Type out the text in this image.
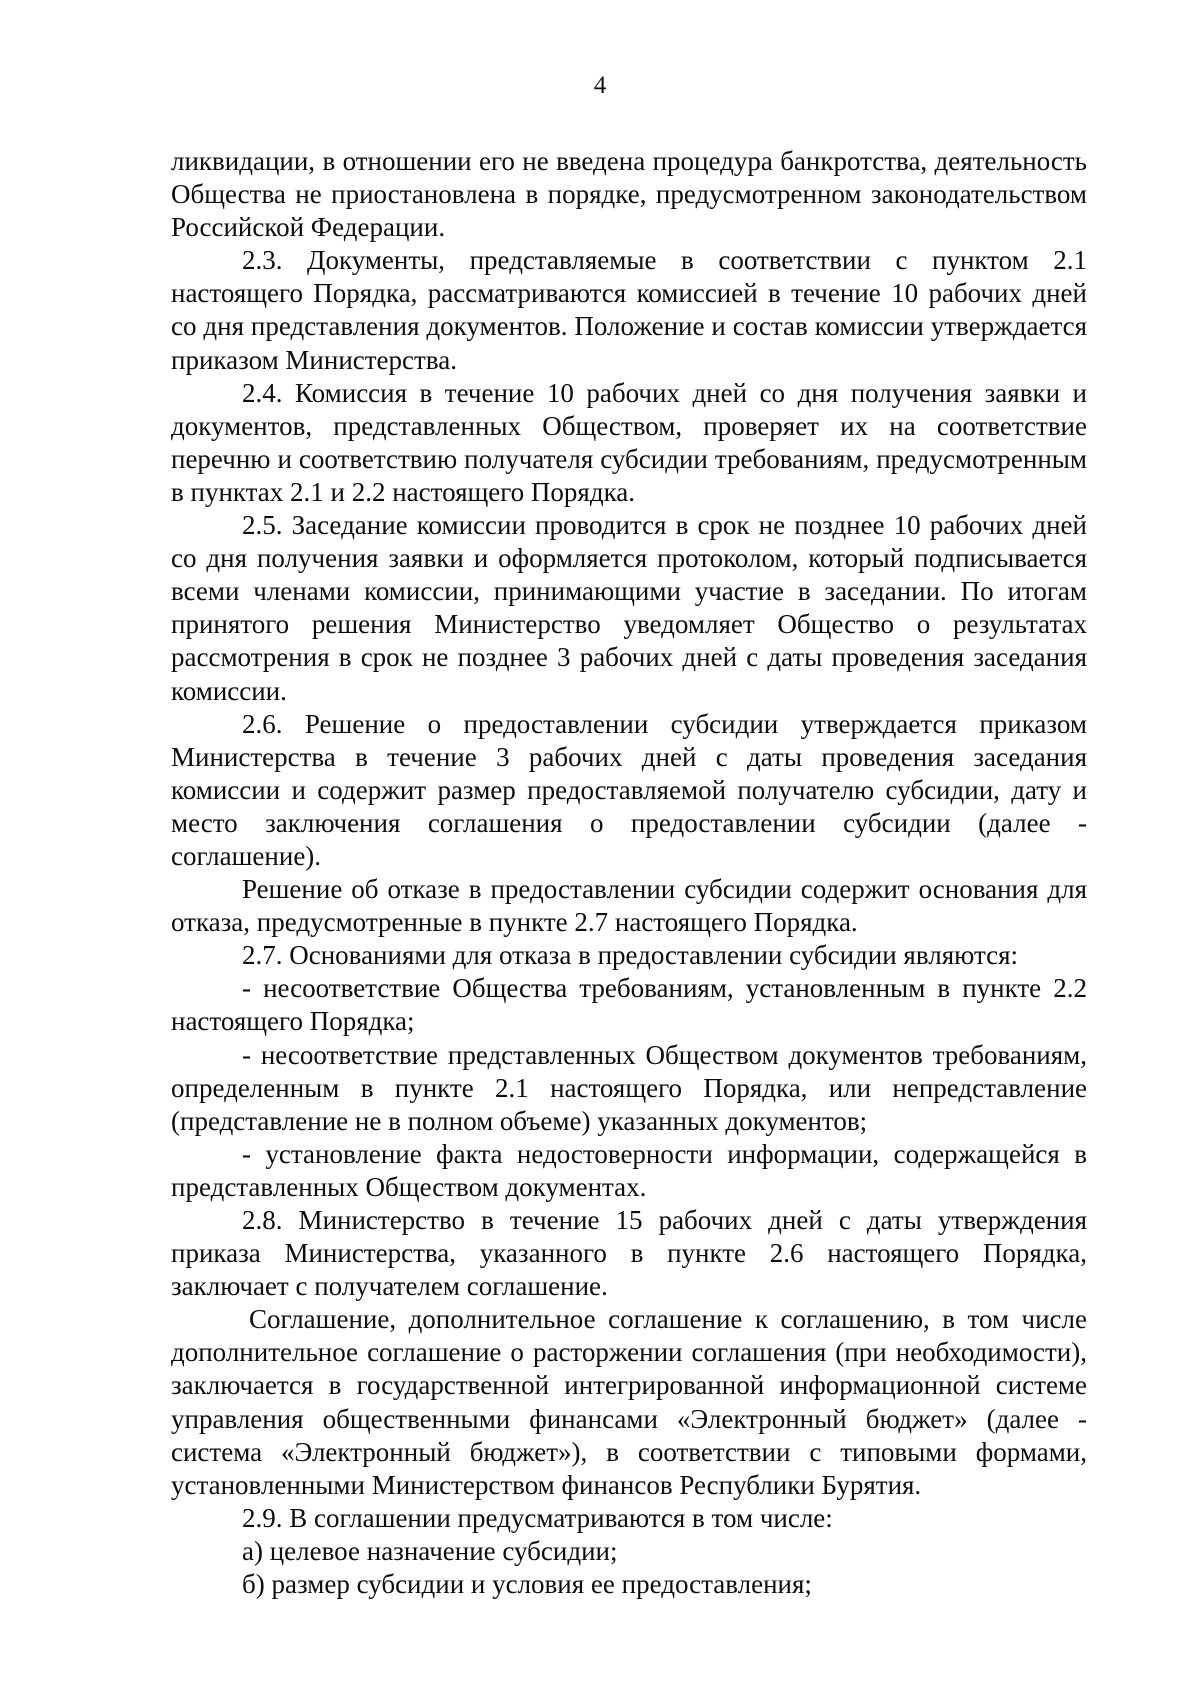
4

ликвидации, в отношении его не введена процедура банкротства, деятельность Общества не приостановлена в порядке, предусмотренном законодательством Российской Федерации.

2.3. Документы, представляемые в соответствии с пунктом 2.1 настоящего Порядка, рассматриваются комиссией в течение 10 рабочих дней со дня представления документов. Положение и состав комиссии утверждается приказом Министерства.

2.4. Комиссия в течение 10 рабочих дней со дня получения заявки и документов, представленных Обществом, проверяет их на соответствие перечню и соответствию получателя субсидии требованиям, предусмотренным в пунктах 2.1 и 2.2 настоящего Порядка.

2.5. Заседание комиссии проводится в срок не позднее 10 рабочих дней со дня получения заявки и оформляется протоколом, который подписывается всеми членами комиссии, принимающими участие в заседании. По итогам принятого решения Министерство уведомляет Общество о результатах рассмотрения в срок не позднее 3 рабочих дней с даты проведения заседания комиссии.

2.6. Решение о предоставлении субсидии утверждается приказом Министерства в течение 3 рабочих дней с даты проведения заседания комиссии и содержит размер предоставляемой получателю субсидии, дату и место заключения соглашения о предоставлении субсидии (далее - соглашение).

Решение об отказе в предоставлении субсидии содержит основания для отказа, предусмотренные в пункте 2.7 настоящего Порядка.

2.7. Основаниями для отказа в предоставлении субсидии являются:

- несоответствие Общества требованиям, установленным в пункте 2.2 настоящего Порядка;

- несоответствие представленных Обществом документов требованиям, определенным в пункте 2.1 настоящего Порядка, или непредставление (представление не в полном объеме) указанных документов;

- установление факта недостоверности информации, содержащейся в представленных Обществом документах.

2.8. Министерство в течение 15 рабочих дней с даты утверждения приказа Министерства, указанного в пункте 2.6 настоящего Порядка, заключает с получателем соглашение.

Соглашение, дополнительное соглашение к соглашению, в том числе дополнительное соглашение о расторжении соглашения (при необходимости), заключается в государственной интегрированной информационной системе управления общественными финансами «Электронный бюджет» (далее - система «Электронный бюджет»), в соответствии с типовыми формами, установленными Министерством финансов Республики Бурятия.

2.9. В соглашении предусматриваются в том числе:

а) целевое назначение субсидии;

б) размер субсидии и условия ее предоставления;
